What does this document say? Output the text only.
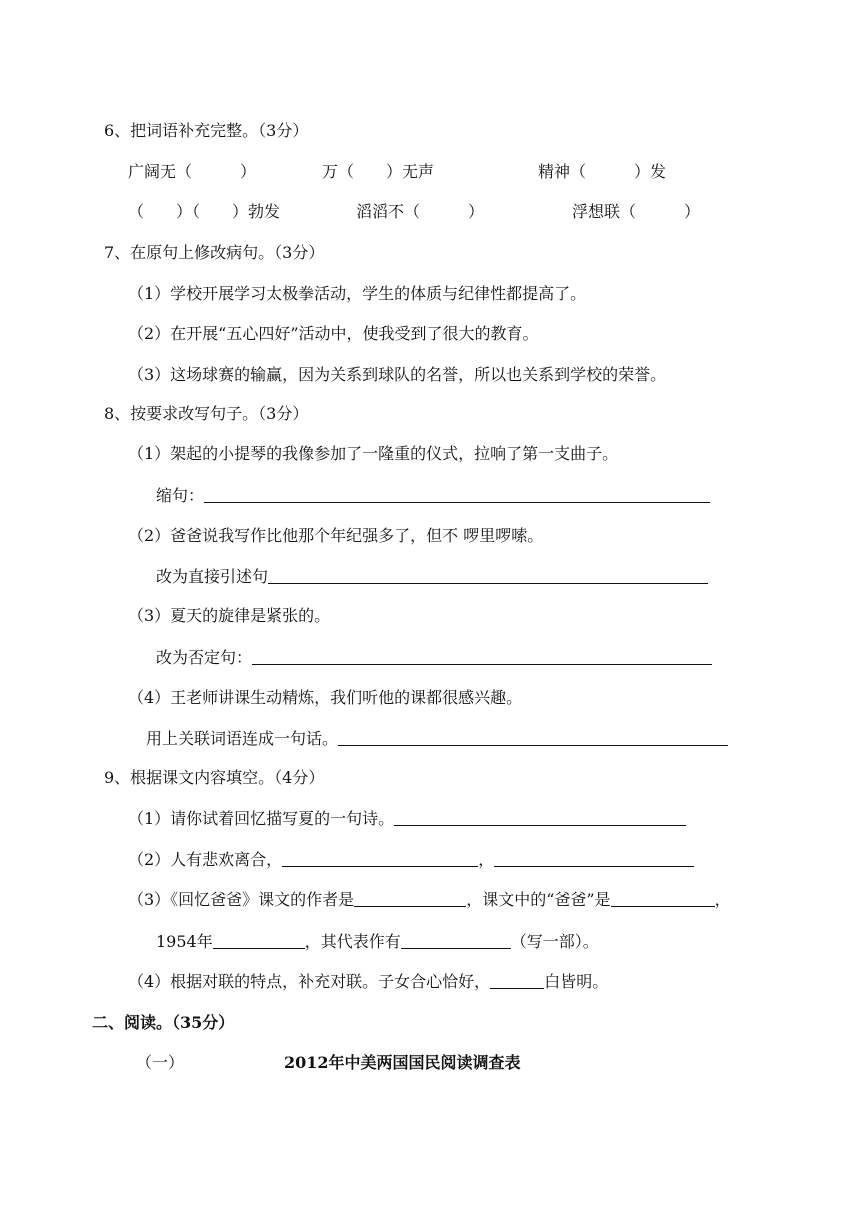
6、把词语补充完整。（3分）
广阔无（　　　）	万（　　）无声	精神（　　　）发
（　　）（　　）勃发	滔滔不（　　　）	浮想联（　　　）
7、在原句上修改病句。（3分）
（1）学校开展学习太极拳活动，学生的体质与纪律性都提高了。
（2）在开展“五心四好”活动中，使我受到了很大的教育。
（3）这场球赛的输赢，因为关系到球队的名誉，所以也关系到学校的荣誉。
8、按要求改写句子。（3分）
（1）架起的小提琴的我像参加了一隆重的仪式，拉响了第一支曲子。
缩句：
（2）爸爸说我写作比他那个年纪强多了，但不 啰里啰嗦。
改为直接引述句
（3）夏天的旋律是紧张的。
改为否定句：
（4）王老师讲课生动精炼，我们听他的课都很感兴趣。
用上关联词语连成一句话。
9、根据课文内容填空。（4分）
（1）请你试着回忆描写夏的一句诗。
（2）人有悲欢离合，	，
（3）《回忆爸爸》课文的作者是	，课文中的“爸爸”是	，
1954年	，其代表作有	（写一部）。
（4）根据对联的特点，补充对联。子女合心恰好，	白皆明。
二、阅读。（35分）
（一）	2012年中美两国国民阅读调查表
